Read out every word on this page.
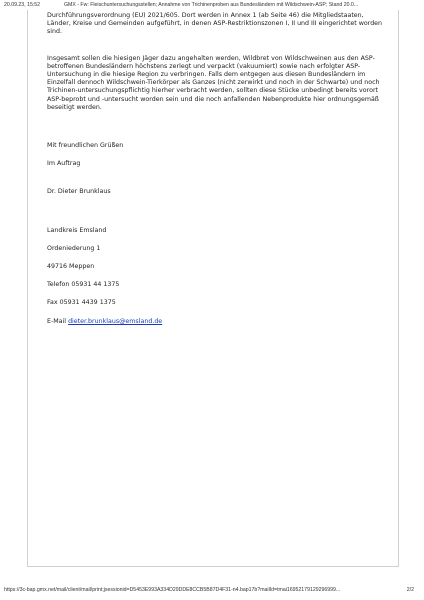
20.09.23, 15:52	GMX - Fw: Fleischuntersuchungsstellen; Annahme von Trichinenproben aus Bundesländern mit Wildschwein-ASP; Stand 20.0...

Durchführungsverordnung (EU) 2021/605. Dort werden in Annex 1 (ab Seite 46) die Mitgliedstaaten, Länder, Kreise und Gemeinden aufgeführt, in denen ASP-Restriktionszonen I, II und III eingerichtet worden sind.

Insgesamt sollen die hiesigen Jäger dazu angehalten werden, Wildbret von Wildschweinen aus den ASP-betroffenen Bundesländern höchstens zerlegt und verpackt (vakuumiert) sowie nach erfolgter ASP-Untersuchung in die hiesige Region zu verbringen. Falls dem entgegen aus diesen Bundesländern im Einzelfall dennoch Wildschwein-Tierkörper als Ganzes (nicht zerwirkt und noch in der Schwarte) und noch Trichinen-untersuchungspflichtig hierher verbracht werden, sollten diese Stücke unbedingt bereits vorort ASP-beprobt und -untersucht worden sein und die noch anfallenden Nebenprodukte hier ordnungsgemäß beseitigt werden.

Mit freundlichen Grüßen

Im Auftrag

Dr. Dieter Brunklaus

Landkreis Emsland

Ordeniederung 1

49716 Meppen

Telefon 05931 44 1375

Fax 05931 4439 1375

E-Mail dieter.brunklaus@emsland.de

https://3c-bap.gmx.net/mail/client/mail/print;jsessionid=D5453E993A334D29DDE8CCB5B87D4F31-n4.bap17b?mailId=tmai16952179129296999...	2/2
